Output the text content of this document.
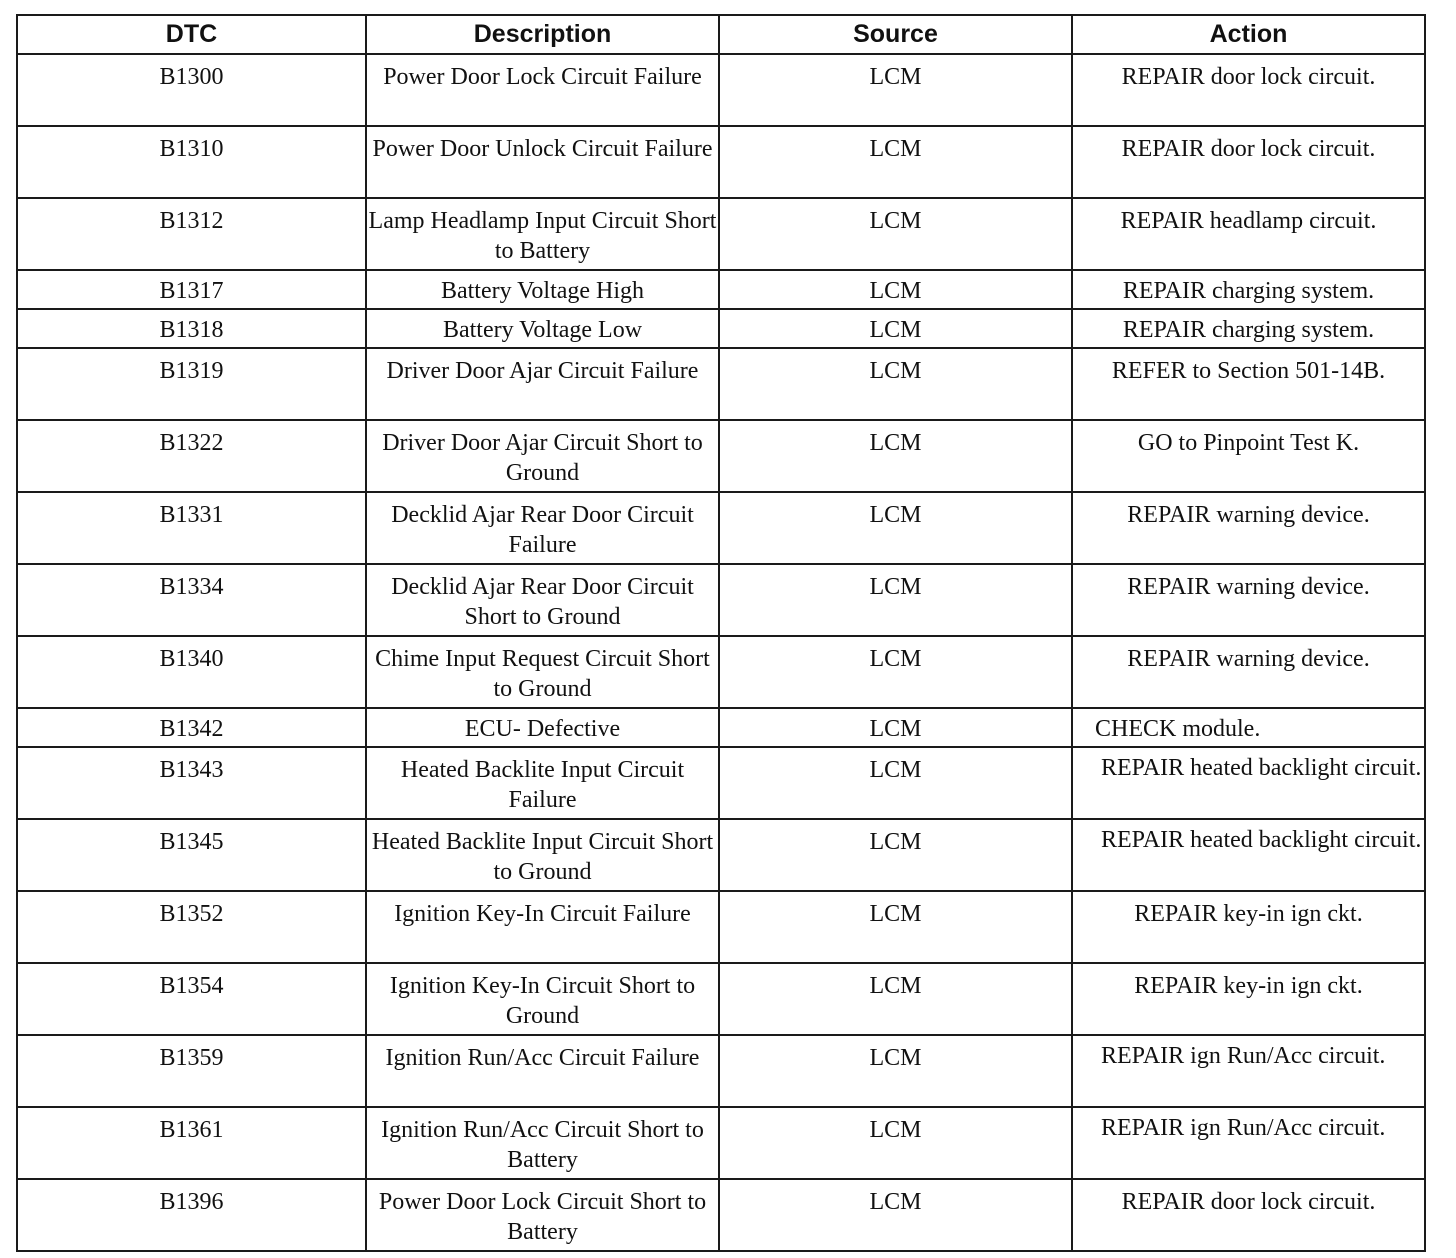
DTC	Description	Source	Action
B1300	Power Door Lock Circuit Failure	LCM	REPAIR door lock circuit.
B1310	Power Door Unlock Circuit Failure	LCM	REPAIR door lock circuit.
B1312	Lamp Headlamp Input Circuit Short to Battery	LCM	REPAIR headlamp circuit.
B1317	Battery Voltage High	LCM	REPAIR charging system.
B1318	Battery Voltage Low	LCM	REPAIR charging system.
B1319	Driver Door Ajar Circuit Failure	LCM	REFER to Section 501-14B.
B1322	Driver Door Ajar Circuit Short to Ground	LCM	GO to Pinpoint Test K.
B1331	Decklid Ajar Rear Door Circuit Failure	LCM	REPAIR warning device.
B1334	Decklid Ajar Rear Door Circuit Short to Ground	LCM	REPAIR warning device.
B1340	Chime Input Request Circuit Short to Ground	LCM	REPAIR warning device.
B1342	ECU- Defective	LCM	CHECK module.
B1343	Heated Backlite Input Circuit Failure	LCM	REPAIR heated backlight circuit.
B1345	Heated Backlite Input Circuit Short to Ground	LCM	REPAIR heated backlight circuit.
B1352	Ignition Key-In Circuit Failure	LCM	REPAIR key-in ign ckt.
B1354	Ignition Key-In Circuit Short to Ground	LCM	REPAIR key-in ign ckt.
B1359	Ignition Run/Acc Circuit Failure	LCM	REPAIR ign Run/Acc circuit.
B1361	Ignition Run/Acc Circuit Short to Battery	LCM	REPAIR ign Run/Acc circuit.
B1396	Power Door Lock Circuit Short to Battery	LCM	REPAIR door lock circuit.
